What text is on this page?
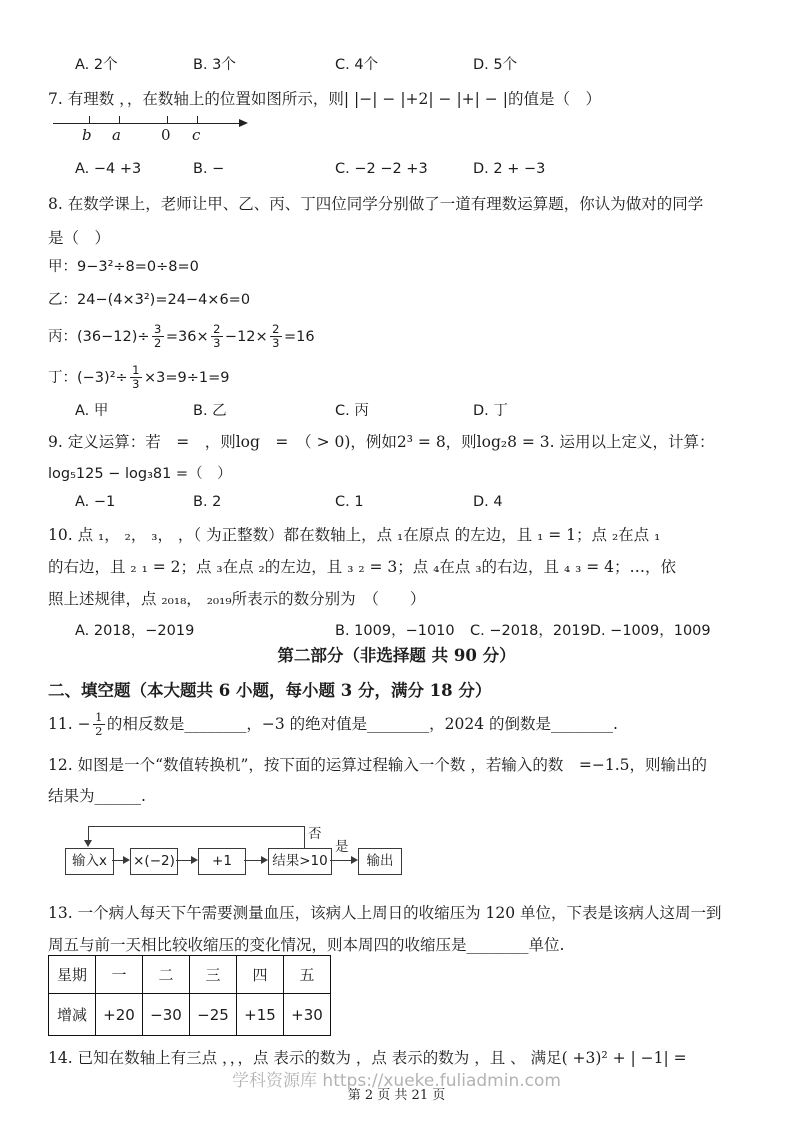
A. 2个	B. 3个	C. 4个	D. 5个
7. 有理数 ，，在数轴上的位置如图所示，则| |−| − |+2| − |+| − |的值是（　）
b a	0 c
A. −4 +3	B. −	C. −2 −2 +3	D. 2 + −3
8. 在数学课上，老师让甲、乙、丙、丁四位同学分别做了一道有理数运算题，你认为做对的同学
是（　）
甲：9−3²÷8=0÷8=0
乙：24−(4×3²)=24−4×6=0
丙：$(36-12)\div \frac{3}{2} =36\times \frac{2}{3} -12\times \frac{2}{3} =16$
丁：$(-3)^2\div \frac{1}{3} \times 3=9\div 1=9$
A. 甲	B. 乙	C. 丙	D. 丁
9. 定义运算：若　=　，则log　=　（ > 0)，例如2³ = 8，则log₂8 = 3. 运用以上定义，计算：
log₅125 − log₃81 =（　）
A. −1	B. 2	C. 1	D. 4
10. 点 ₁， ₂， ₃， ，（ 为正整数）都在数轴上，点 ₁在原点 的左边，且 ₁ = 1；点 ₂在点 ₁
的右边，且 ₂ ₁ = 2；点 ₃在点 ₂的左边，且 ₃ ₂ = 3；点 ₄在点 ₃的右边，且 ₄ ₃ = 4；…，依
照上述规律，点 ₂₀₁₈， ₂₀₁₉所表示的数分别为　（　　）
A. 2018，−2019	B. 1009，−1010 C. −2018，2019D. −1009，1009
第二部分（非选择题 共 90 分）
二、填空题（本大题共 6 小题，每小题 3 分，满分 18 分）
11. − $\frac{1}{2}$ 的相反数是________，−3 的绝对值是________，2024 的倒数是________.
12. 如图是一个“数值转换机”，按下面的运算过程输入一个数 ，若输入的数　=−1.5，则输出的
结果为______.
输入x	×(−2)	+1	结果>10	输出
否
是
13. 一个病人每天下午需要测量血压，该病人上周日的收缩压为 120 单位，下表是该病人这周一到
周五与前一天相比较收缩压的变化情况，则本周四的收缩压是________单位.
星期	一	二	三	四	五
增减	+20	−30	−25	+15	+30
14. 已知在数轴上有三点 ，，，点 表示的数为 ，点 表示的数为 ，且 、 满足( +3)² + | −1| =
学科资源库 https://xueke.fuliadmin.com
第 2 页 共 21 页
